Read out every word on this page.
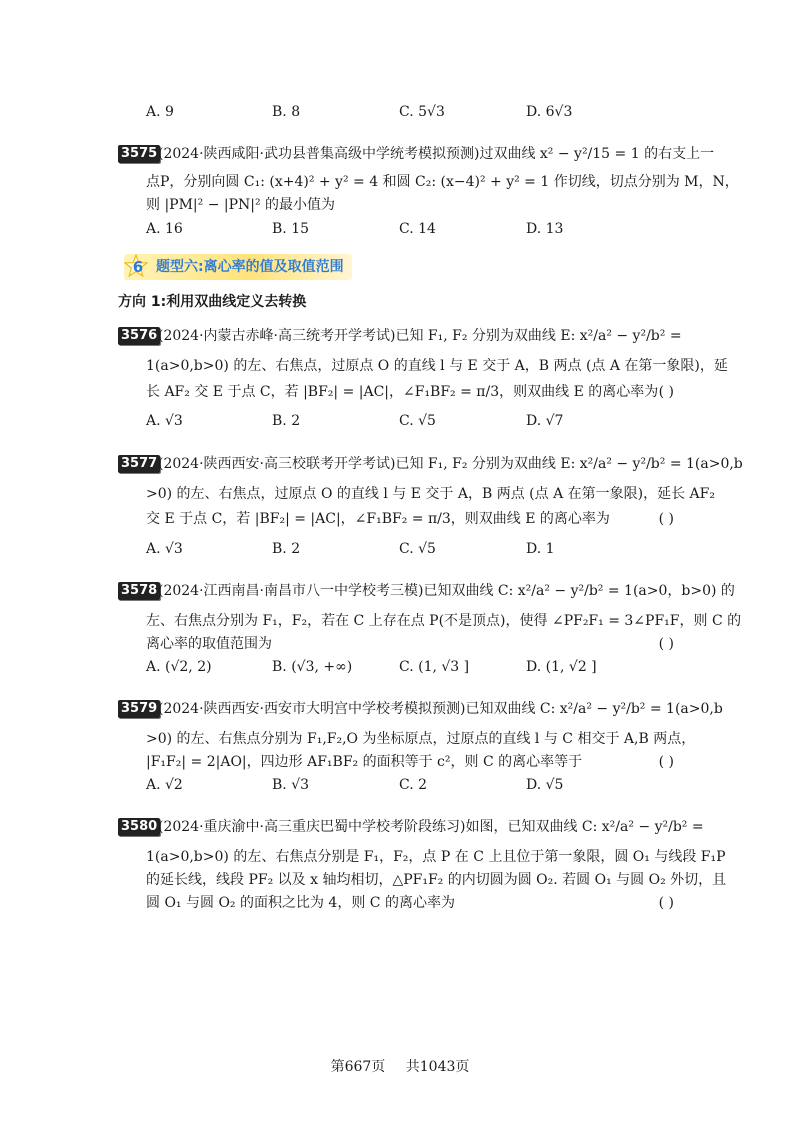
A. 9	B. 8	C. 5√3	D. 6√3
3575 (2024·陕西咸阳·武功县普集高级中学统考模拟预测)过双曲线 x² − y²/15 = 1 的右支上一
点P，分别向圆 C₁: (x+4)² + y² = 4 和圆 C₂: (x−4)² + y² = 1 作切线，切点分别为 M，N，
则 |PM|² − |PN|² 的最小值为
A. 16	B. 15	C. 14	D. 13
6 题型六:离心率的值及取值范围
方向 1:利用双曲线定义去转换
3576 (2024·内蒙古赤峰·高三统考开学考试)已知 F₁, F₂ 分别为双曲线 E: x²/a² − y²/b² =
1(a>0,b>0) 的左、右焦点，过原点 O 的直线 l 与 E 交于 A，B 两点 (点 A 在第一象限)，延
长 AF₂ 交 E 于点 C，若 |BF₂| = |AC|，∠F₁BF₂ = π/3，则双曲线 E 的离心率为 ( )
A. √3	B. 2	C. √5	D. √7
3577 (2024·陕西西安·高三校联考开学考试)已知 F₁, F₂ 分别为双曲线 E: x²/a² − y²/b² = 1(a>0,b
>0) 的左、右焦点，过原点 O 的直线 l 与 E 交于 A，B 两点 (点 A 在第一象限)，延长 AF₂
交 E 于点 C，若 |BF₂| = |AC|，∠F₁BF₂ = π/3，则双曲线 E 的离心率为	( )
A. √3	B. 2	C. √5	D. 1
3578 (2024·江西南昌·南昌市八一中学校考三模)已知双曲线 C: x²/a² − y²/b² = 1(a>0，b>0) 的
左、右焦点分别为 F₁，F₂，若在 C 上存在点 P(不是顶点)，使得 ∠PF₂F₁ = 3∠PF₁F，则 C 的
离心率的取值范围为	( )
A. (√2, 2)	B. (√3, +∞)	C. (1, √3 ]	D. (1, √2 ]
3579 (2024·陕西西安·西安市大明宫中学校考模拟预测)已知双曲线 C: x²/a² − y²/b² = 1(a>0,b
>0) 的左、右焦点分别为 F₁,F₂,O 为坐标原点，过原点的直线 l 与 C 相交于 A,B 两点，
|F₁F₂| = 2|AO|，四边形 AF₁BF₂ 的面积等于 c²，则 C 的离心率等于	( )
A. √2	B. √3	C. 2	D. √5
3580 (2024·重庆渝中·高三重庆巴蜀中学校考阶段练习)如图，已知双曲线 C: x²/a² − y²/b² =
1(a>0,b>0) 的左、右焦点分别是 F₁，F₂，点 P 在 C 上且位于第一象限，圆 O₁ 与线段 F₁P
的延长线，线段 PF₂ 以及 x 轴均相切，△PF₁F₂ 的内切圆为圆 O₂. 若圆 O₁ 与圆 O₂ 外切，且
圆 O₁ 与圆 O₂ 的面积之比为 4，则 C 的离心率为	( )
第667页 共1043页
